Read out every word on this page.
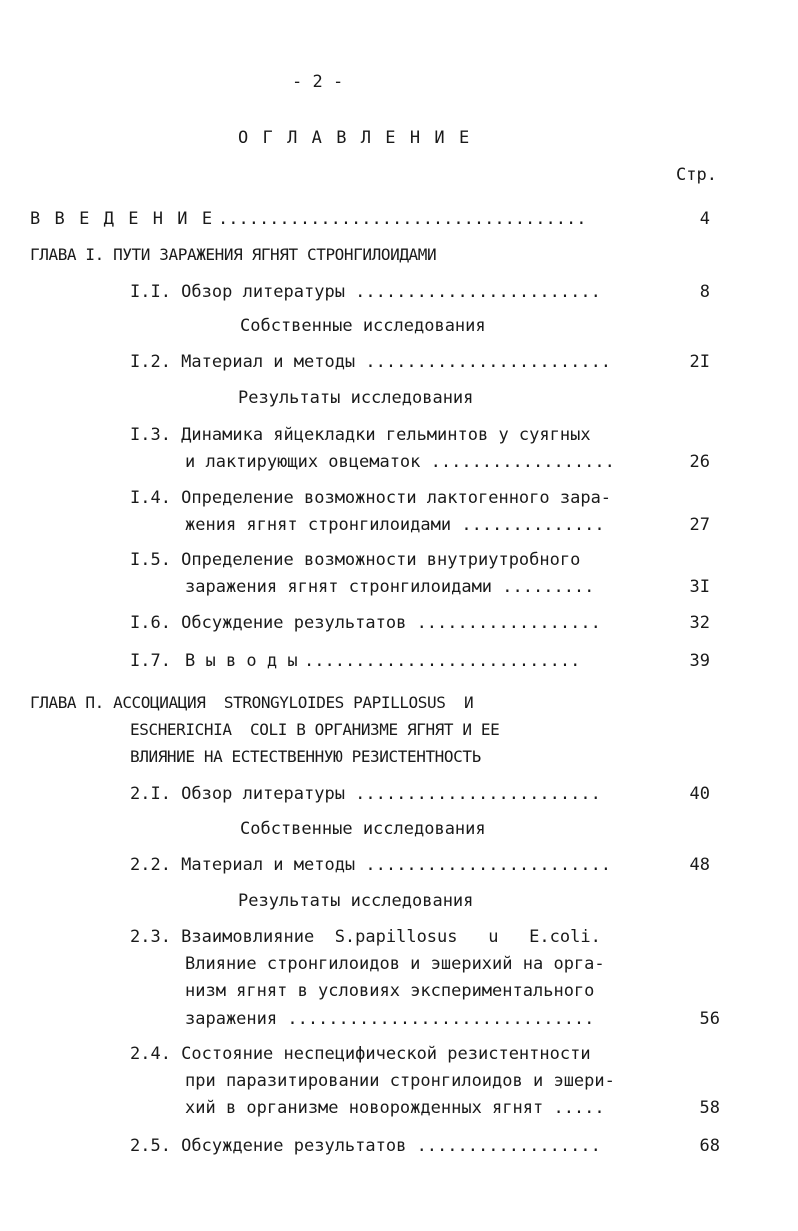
- 2 -
О Г Л А В Л Е Н И Е
Стр.
В В Е Д Е Н И Е ....................................	4
ГЛАВА I. ПУТИ ЗАРАЖЕНИЯ ЯГНЯТ СТРОНГИЛОИДАМИ
I.I. Обзор литературы ........................	8
Собственные исследования
I.2. Материал и методы ........................	2I
Результаты исследования
I.3. Динамика яйцекладки гельминтов у суягных
и лактирующих овцематок ..................	26
I.4. Определение возможности лактогенного зара-
жения ягнят стронгилоидами ..............	27
I.5. Определение возможности внутриутробного
заражения ягнят стронгилоидами .........	3I
I.6. Обсуждение результатов ..................	32
I.7. В ы в о д ы ...........................	39
ГЛАВА П. АССОЦИАЦИЯ  STRONGYLOIDES PAPILLOSUS  И
ESCHERICHIA  COLI В ОРГАНИЗМЕ ЯГНЯТ И ЕЕ
ВЛИЯНИЕ НА ЕСТЕСТВЕННУЮ РЕЗИСТЕНТНОСТЬ
2.I. Обзор литературы ........................	40
Собственные исследования
2.2. Материал и методы ........................	48
Результаты исследования
2.3. Взаимовлияние  S.papillosus   u   E.coli.
Влияние стронгилоидов и эшерихий на орга-
низм ягнят в условиях экспериментального
заражения ..............................	56
2.4. Состояние неспецифической резистентности
при паразитировании стронгилоидов и эшери-
хий в организме новорожденных ягнят .....	58
2.5. Обсуждение результатов ..................	68
